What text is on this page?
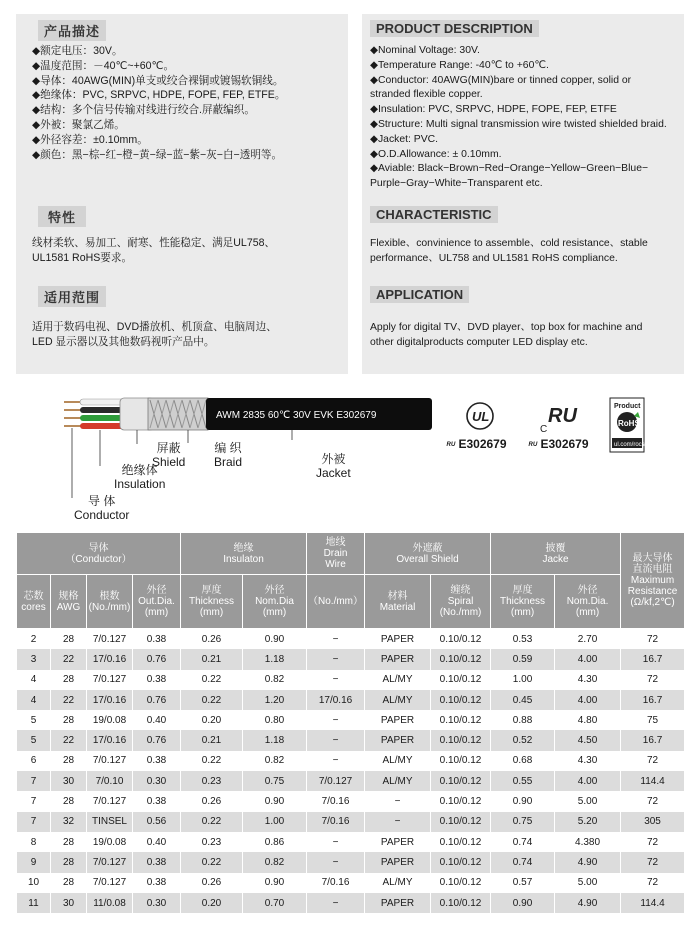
产品描述
◆额定电压：30V。
◆温度范围：－40℃~+60℃。
◆导体：40AWG(MIN)单支或绞合裸铜或镀锡软铜线。
◆绝缘体：PVC, SRPVC, HDPE, FOPE, FEP, ETFE。
◆结构：多个信号传输对线进行绞合.屏蔽编织。
◆外被：聚氯乙烯。
◆外径容差：±0.10mm。
◆颜色：黑−棕−红−橙−黄−绿−蓝−紫−灰−白−透明等。
特性
线材柔软、易加工、耐寒、性能稳定、满足UL758、
UL1581 RoHS要求。
适用范围
适用于数码电视、DVD播放机、机顶盒、电脑周边、
LED 显示器以及其他数码视听产品中。
PRODUCT DESCRIPTION
◆Nominal Voltage: 30V.
◆Temperature Range: -40℃ to +60℃.
◆Conductor: 40AWG(MIN)bare or tinned copper, solid or
stranded flexible copper.
◆Insulation: PVC, SRPVC, HDPE, FOPE, FEP, ETFE
◆Structure: Multi signal transmission wire twisted shielded braid.
◆Jacket: PVC.
◆O.D.Allowance: ± 0.10mm.
◆Aviable: Black−Brown−Red−Orange−Yellow−Green−Blue−
Purple−Gray−White−Transparent etc.
CHARACTERISTIC
Flexible、convinience to assemble、cold resistance、stable
performance、UL758 and UL1581 RoHS compliance.
APPLICATION
Apply for digital TV、DVD player、top box for machine and
other digitalproducts computer LED display etc.
AWM 2835 60℃ 30V EVK E302679
屏蔽
Shield
编 织
Braid	外被
Jacket
绝缘体
Insulation
导 体
Conductor
UL	RU
C
Product
RoHS
ul.com/rocs
ᴿᵁ E302679 ᴿᵁ E302679
导体
（Conductor）				绝缘
Insulaton		地线
Drain
Wire	外遮蔽
Overall Shield		披覆
Jacke		最大导体
直流电阻
Maximum
Resistance
(Ω/kf,2℃)
芯数
cores	规格
AWG	根数
(No./mm)	外径
Out.Dia.
(mm)	厚度
Thickness
(mm)	外径
Nom.Dia
(mm)	（No./mm）	材料
Material	缠绕
Spiral
(No./mm)	厚度
Thickness
(mm)	外径
Nom.Dia.
(mm)	
2	28	7/0.127	0.38	0.26	0.90	−	PAPER	0.10/0.12	0.53	2.70	72
3	22	17/0.16	0.76	0.21	1.18	−	PAPER	0.10/0.12	0.59	4.00	16.7
4	28	7/0.127	0.38	0.22	0.82	−	AL/MY	0.10/0.12	1.00	4.30	72
4	22	17/0.16	0.76	0.22	1.20	17/0.16	AL/MY	0.10/0.12	0.45	4.00	16.7
5	28	19/0.08	0.40	0.20	0.80	−	PAPER	0.10/0.12	0.88	4.80	75
5	22	17/0.16	0.76	0.21	1.18	−	PAPER	0.10/0.12	0.52	4.50	16.7
6	28	7/0.127	0.38	0.22	0.82	−	AL/MY	0.10/0.12	0.68	4.30	72
7	30	7/0.10	0.30	0.23	0.75	7/0.127	AL/MY	0.10/0.12	0.55	4.00	114.4
7	28	7/0.127	0.38	0.26	0.90	7/0.16	−	0.10/0.12	0.90	5.00	72
7	32	TINSEL	0.56	0.22	1.00	7/0.16	−	0.10/0.12	0.75	5.20	305
8	28	19/0.08	0.40	0.23	0.86	−	PAPER	0.10/0.12	0.74	4.380	72
9	28	7/0.127	0.38	0.22	0.82	−	PAPER	0.10/0.12	0.74	4.90	72
10	28	7/0.127	0.38	0.26	0.90	7/0.16	AL/MY	0.10/0.12	0.57	5.00	72
11	30	11/0.08	0.30	0.20	0.70	−	PAPER	0.10/0.12	0.90	4.90	114.4
